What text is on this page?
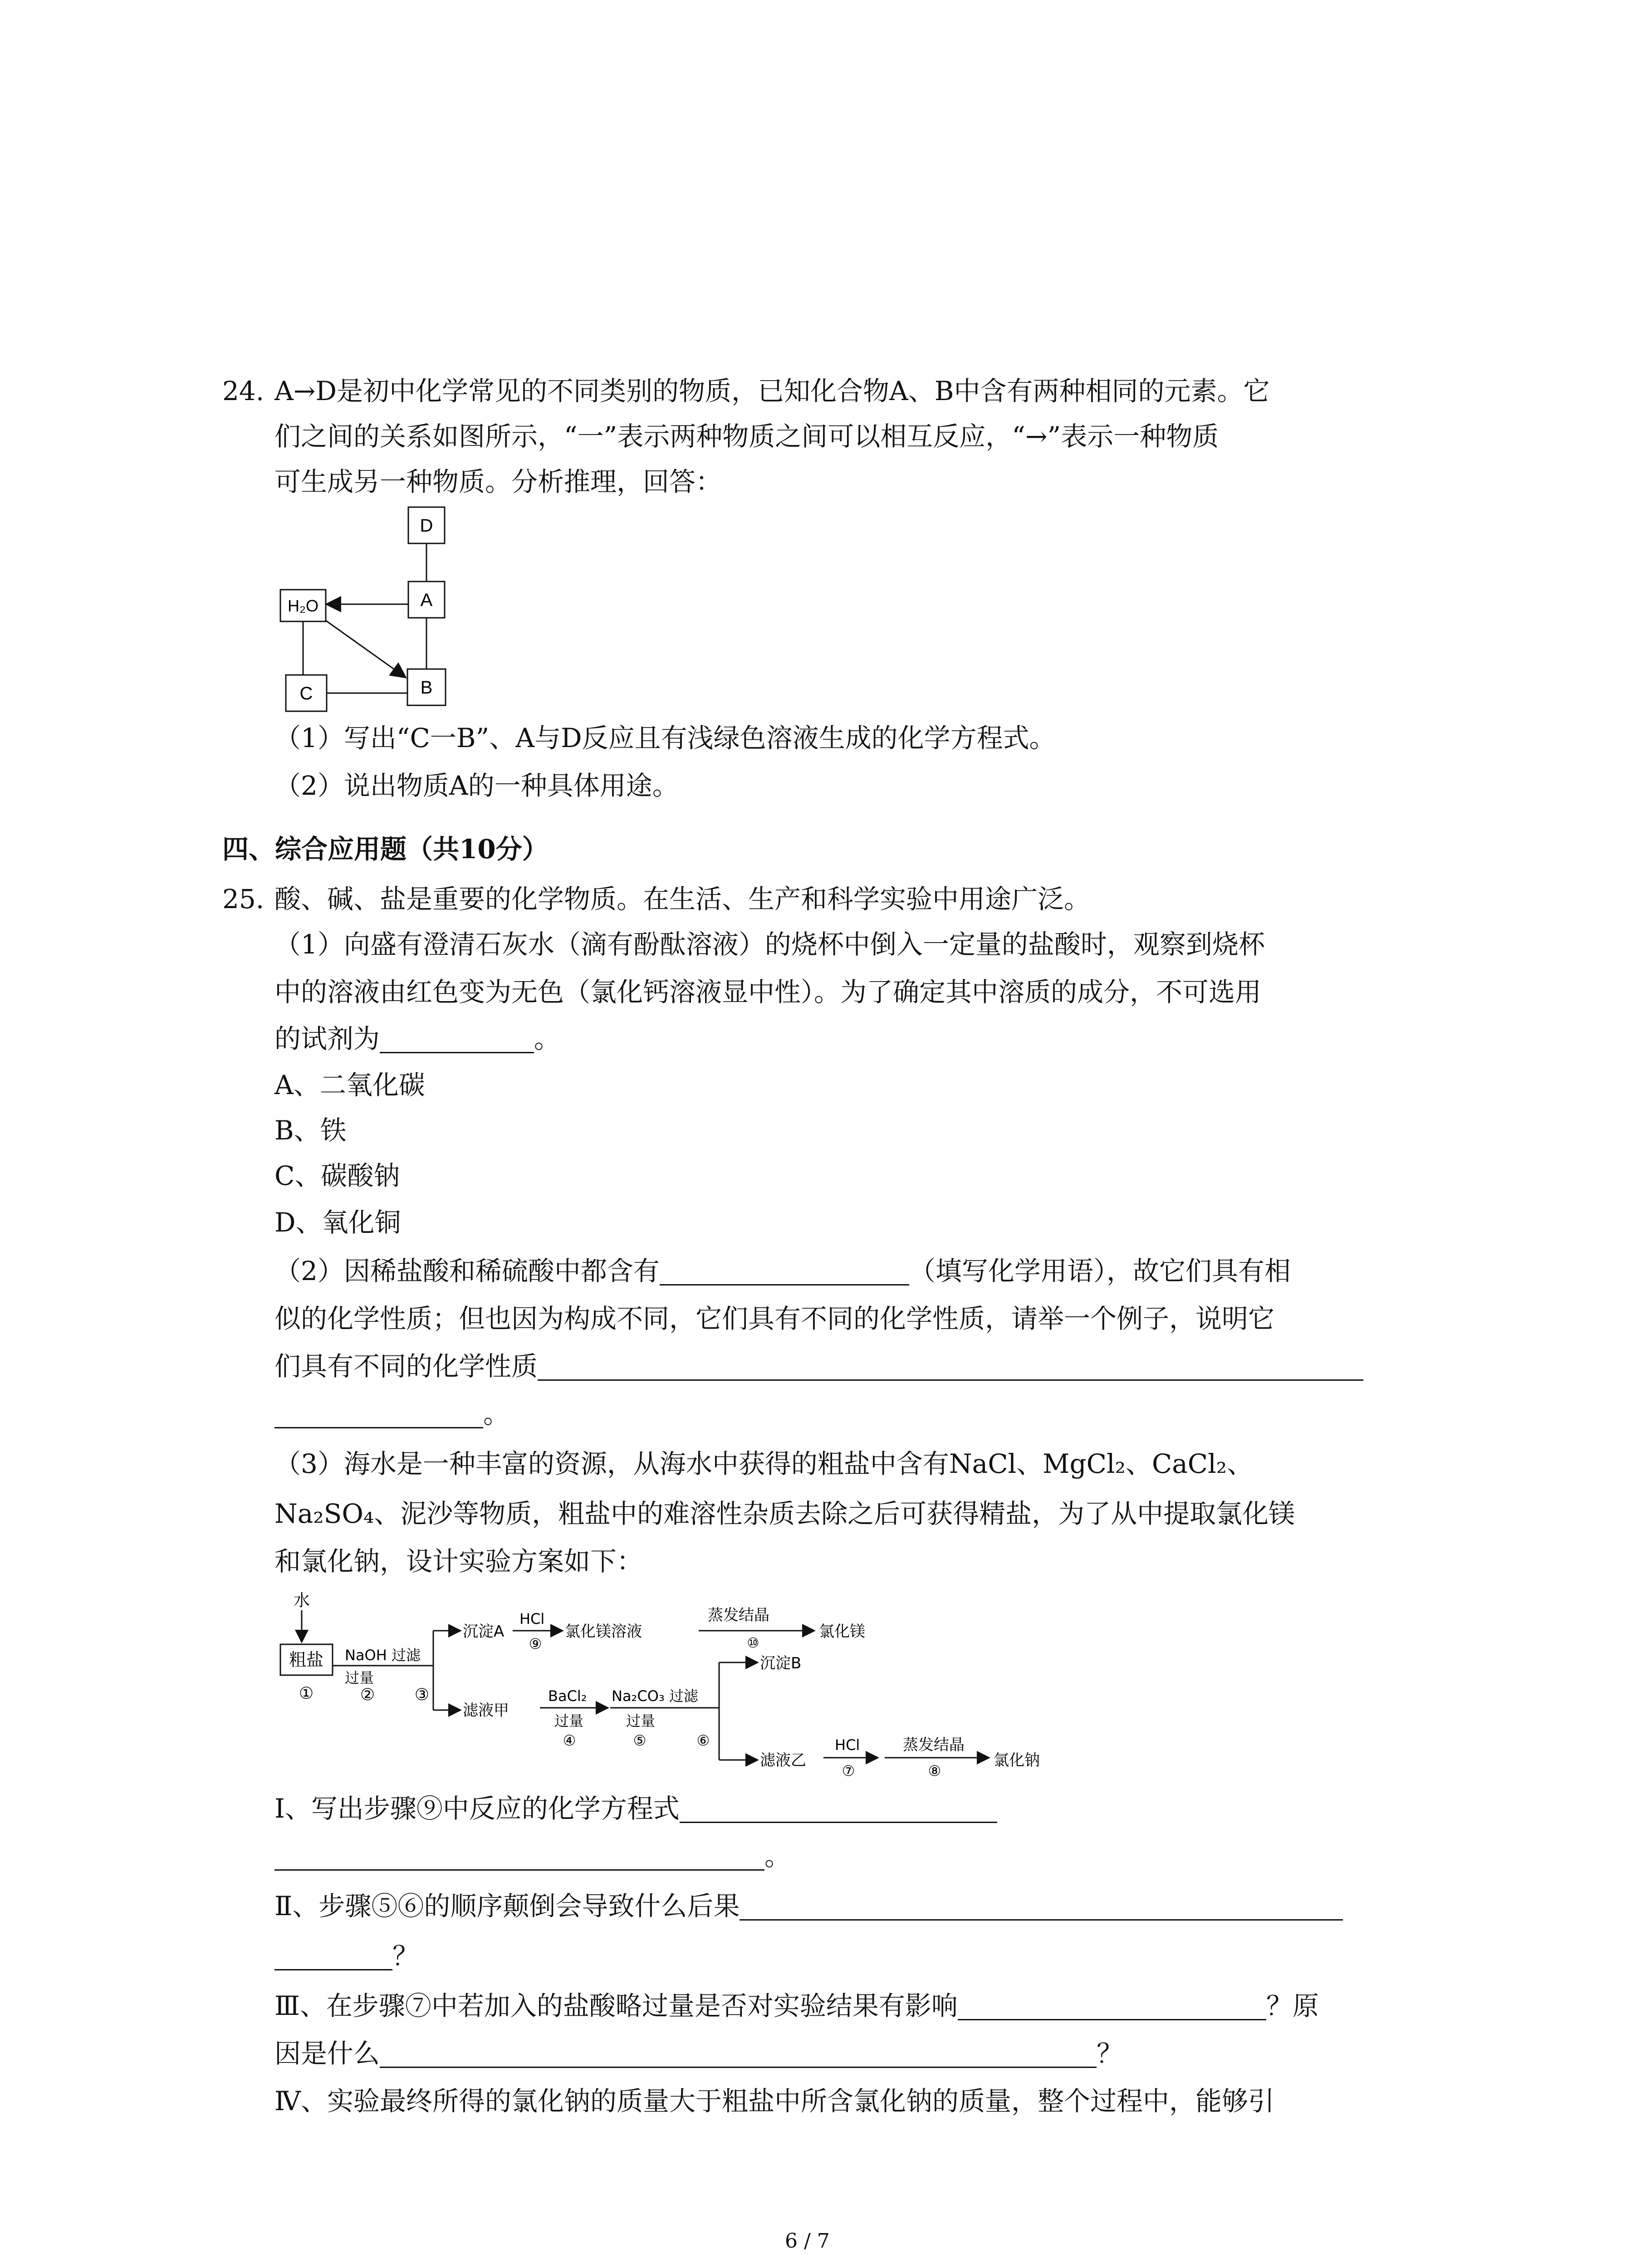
24. A→D是初中化学常见的不同类别的物质，已知化合物A、B中含有两种相同的元素。它
们之间的关系如图所示，“一”表示两种物质之间可以相互反应，“→”表示一种物质
可生成另一种物质。分析推理，回答：
D
A
H₂O
C	B
（1）写出“C一B”、A与D反应且有浅绿色溶液生成的化学方程式。
（2）说出物质A的一种具体用途。
四、综合应用题（共10分）
25. 酸、碱、盐是重要的化学物质。在生活、生产和科学实验中用途广泛。
（1）向盛有澄清石灰水（滴有酚酞溶液）的烧杯中倒入一定量的盐酸时，观察到烧杯
中的溶液由红色变为无色（氯化钙溶液显中性）。为了确定其中溶质的成分，不可选用
的试剂为	。
A、二氧化碳
B、铁
C、碳酸钠
D、氧化铜
（2）因稀盐酸和稀硫酸中都含有	（填写化学用语），故它们具有相
似的化学性质；但也因为构成不同，它们具有不同的化学性质，请举一个例子，说明它
们具有不同的化学性质
。
（3）海水是一种丰富的资源，从海水中获得的粗盐中含有NaCl、MgCl₂、CaCl₂、
Na₂SO₄、泥沙等物质，粗盐中的难溶性杂质去除之后可获得精盐，为了从中提取氯化镁
和氯化钠，设计实验方案如下：
水
粗盐
①
NaOH 过滤
过量
② ③
沉淀A
HCl
⑨
氯化镁溶液
蒸发结晶
⑩
氯化镁
滤液甲
BaCl₂
过量
④
Na₂CO₃ 过滤
过量
⑤	⑥
沉淀B
滤液乙
HCl
⑦
蒸发结晶
⑧
氯化钠
Ⅰ、写出步骤⑨中反应的化学方程式
。
Ⅱ、步骤⑤⑥的顺序颠倒会导致什么后果
？
Ⅲ、在步骤⑦中若加入的盐酸略过量是否对实验结果有影响	？原
因是什么	？
Ⅳ、实验最终所得的氯化钠的质量大于粗盐中所含氯化钠的质量，整个过程中，能够引
6 / 7
